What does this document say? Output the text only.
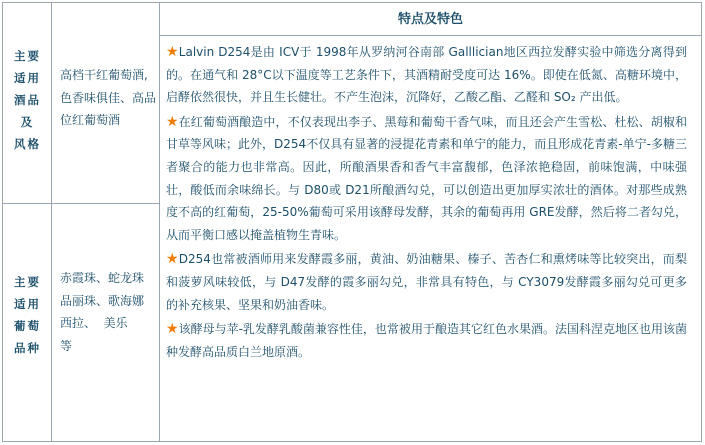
主要
适用
酒品
及
风格
主要
适用
葡萄
品种
高档干红葡萄酒,色香味俱佳、高品位红葡萄酒
赤霞珠、蛇龙珠
品丽珠、歌海娜
西拉、  美乐
等
特点及特色

★Lalvin D254是由 ICV于 1998年从罗纳河谷南部 Galllician地区西拉发酵实验中筛选分离得到的。在通气和 28°C以下温度等工艺条件下，其酒精耐受度可达 16%。即使在低氮、高糖环境中，启酵依然很快，并且生长健壮。不产生泡沫，沉降好，乙酸乙酯、乙醛和 SO₂ 产出低。

★在红葡萄酒酿造中，不仅表现出李子、黑莓和葡萄干香气味，而且还会产生雪松、杜松、胡椒和甘草等风味；此外，D254不仅具有显著的浸提花青素和单宁的能力，而且形成花青素-单宁-多糖三者聚合的能力也非常高。因此，所酿酒果香和香气丰富馥郁，色泽浓艳稳固，前味饱满，中味强壮，酸低而余味绵长。与 D80或 D21所酿酒勾兑，可以创造出更加厚实浓壮的酒体。对那些成熟度不高的红葡萄，25-50%葡萄可采用该酵母发酵，其余的葡萄再用 GRE发酵，然后将二者勾兑，从而平衡口感以掩盖植物生青味。

★D254也常被酒师用来发酵霞多丽，黄油、奶油糖果、榛子、苦杏仁和熏烤味等比较突出，而梨和菠萝风味较低，与 D47发酵的霞多丽勾兑，非常具有特色，与 CY3079发酵霞多丽勾兑可更多的补充核果、坚果和奶油香味。

★该酵母与苹-乳发酵乳酸菌兼容性佳，也常被用于酿造其它红色水果酒。法国科涅克地区也用该菌种发酵高品质白兰地原酒。
